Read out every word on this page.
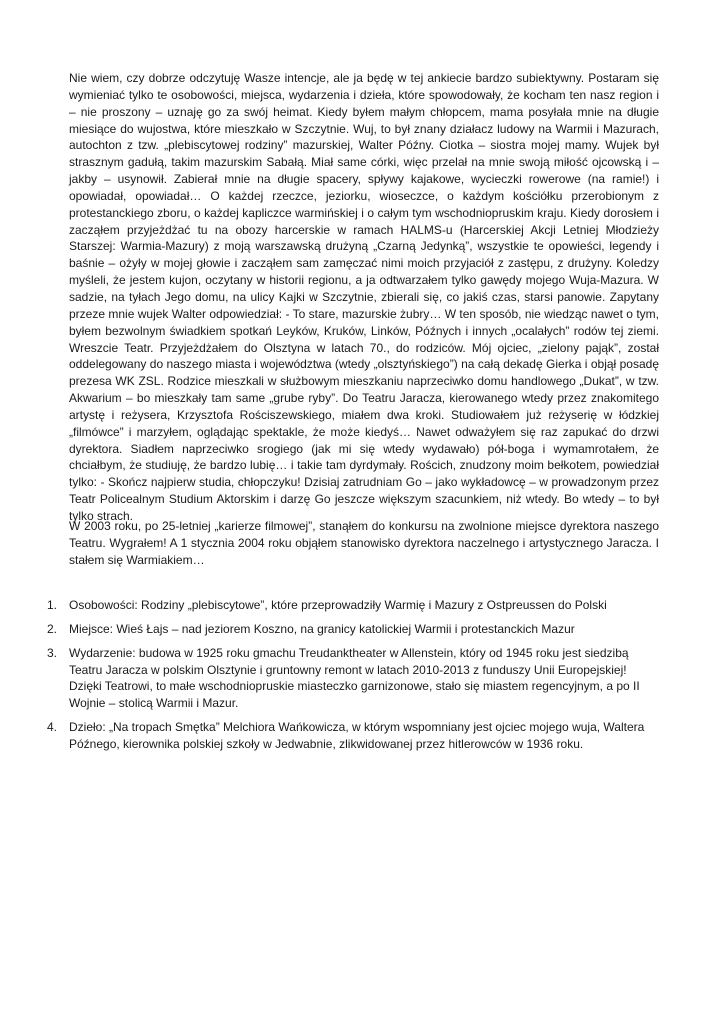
Nie wiem, czy dobrze odczytuję Wasze intencje, ale ja będę w tej ankiecie bardzo subiektywny. Postaram się wymieniać tylko te osobowości, miejsca, wydarzenia i dzieła, które spowodowały, że kocham ten nasz region i – nie proszony – uznaję go za swój heimat. Kiedy byłem małym chłopcem, mama posyłała mnie na długie miesiące do wujostwa, które mieszkało w Szczytnie. Wuj, to był znany działacz ludowy na Warmii i Mazurach, autochton z tzw. „plebiscytowej rodziny” mazurskiej, Walter Późny. Ciotka – siostra mojej mamy. Wujek był strasznym gadułą, takim mazurskim Sabałą. Miał same córki, więc przelał na mnie swoją miłość ojcowską i – jakby – usynowił. Zabierał mnie na długie spacery, spływy kajakowe, wycieczki rowerowe (na ramie!) i opowiadał, opowiadał… O każdej rzeczce, jeziorku, wioseczce, o każdym kościółku przerobionym z protestanckiego zboru, o każdej kapliczce warmińskiej i o całym tym wschodniopruskim kraju. Kiedy dorosłem i zacząłem przyjeżdżać tu na obozy harcerskie w ramach HALMS-u (Harcerskiej Akcji Letniej Młodzieży Starszej: Warmia-Mazury) z moją warszawską drużyną „Czarną Jedynką”, wszystkie te opowieści, legendy i baśnie – ożyły w mojej głowie i zacząłem sam zamęczać nimi moich przyjaciół z zastępu, z drużyny. Koledzy myśleli, że jestem kujon, oczytany w historii regionu, a ja odtwarzałem tylko gawędy mojego Wuja-Mazura. W sadzie, na tyłach Jego domu, na ulicy Kajki w Szczytnie, zbierali się, co jakiś czas, starsi panowie. Zapytany przeze mnie wujek Walter odpowiedział: - To stare, mazurskie żubry… W ten sposób, nie wiedząc nawet o tym, byłem bezwolnym świadkiem spotkań Leyków, Kruków, Linków, Późnych i innych „ocalałych” rodów tej ziemi. Wreszcie Teatr. Przyjeżdżałem do Olsztyna w latach 70., do rodziców. Mój ojciec, „zielony pająk”, został oddelegowany do naszego miasta i województwa (wtedy „olsztyńskiego”) na całą dekadę Gierka i objął posadę prezesa WK ZSL. Rodzice mieszkali w służbowym mieszkaniu naprzeciwko domu handlowego „Dukat”, w tzw. Akwarium – bo mieszkały tam same „grube ryby”. Do Teatru Jaracza, kierowanego wtedy przez znakomitego artystę i reżysera, Krzysztofa Rościszewskiego, miałem dwa kroki. Studiowałem już reżyserię w łódzkiej „filmówce” i marzyłem, oglądając spektakle, że może kiedyś… Nawet odważyłem się raz zapukać do drzwi dyrektora. Siadłem naprzeciwko srogiego (jak mi się wtedy wydawało) pół-boga i wymamrotałem, że chciałbym, że studiuję, że bardzo lubię… i takie tam dyrdymały. Rościch, znudzony moim bełkotem, powiedział tylko: - Skończ najpierw studia, chłopczyku! Dzisiaj zatrudniam Go – jako wykładowcę – w prowadzonym przez Teatr Policealnym Studium Aktorskim i darzę Go jeszcze większym szacunkiem, niż wtedy. Bo wtedy – to był tylko strach.

W 2003 roku, po 25-letniej „karierze filmowej”, stanąłem do konkursu na zwolnione miejsce dyrektora naszego Teatru. Wygrałem! A 1 stycznia 2004 roku objąłem stanowisko dyrektora naczelnego i artystycznego Jaracza. I stałem się Warmiakiem…

1. Osobowości: Rodziny „plebiscytowe”, które przeprowadziły Warmię i Mazury z Ostpreussen do Polski
2. Miejsce: Wieś Łajs – nad jeziorem Koszno, na granicy katolickiej Warmii i protestanckich Mazur
3. Wydarzenie: budowa w 1925 roku gmachu Treudanktheater w Allenstein, który od 1945 roku jest siedzibą Teatru Jaracza w polskim Olsztynie i gruntowny remont w latach 2010-2013 z funduszy Unii Europejskiej! Dzięki Teatrowi, to małe wschodniopruskie miasteczko garnizonowe, stało się miastem regencyjnym, a po II Wojnie – stolicą Warmii i Mazur.
4. Dzieło: „Na tropach Smętka” Melchiora Wańkowicza, w którym wspomniany jest ojciec mojego wuja, Waltera Późnego, kierownika polskiej szkoły w Jedwabnie, zlikwidowanej przez hitlerowców w 1936 roku.
